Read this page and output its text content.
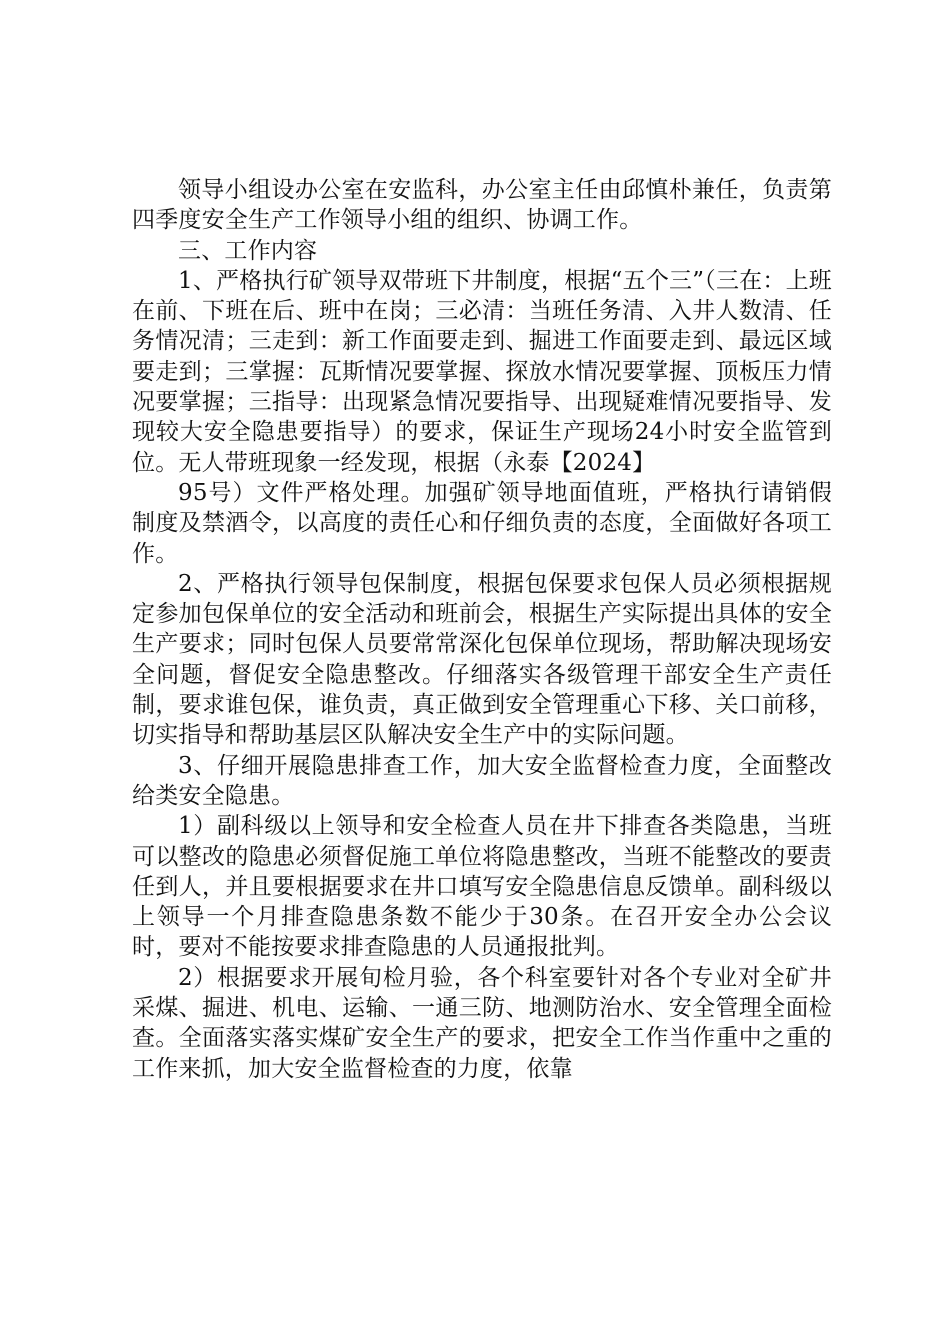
领导小组设办公室在安监科，办公室主任由邱慎朴兼任，负责第四季度安全生产工作领导小组的组织、协调工作。

三、工作内容

1、严格执行矿领导双带班下井制度，根据“五个三”（三在：上班在前、下班在后、班中在岗；三必清：当班任务清、入井人数清、任务情况清；三走到：新工作面要走到、掘进工作面要走到、最远区域要走到；三掌握：瓦斯情况要掌握、探放水情况要掌握、顶板压力情况要掌握；三指导：出现紧急情况要指导、出现疑难情况要指导、发现较大安全隐患要指导）的要求，保证生产现场24小时安全监管到位。无人带班现象一经发现，根据（永泰【2024】

95号）文件严格处理。加强矿领导地面值班，严格执行请销假制度及禁酒令，以高度的责任心和仔细负责的态度，全面做好各项工作。

2、严格执行领导包保制度，根据包保要求包保人员必须根据规定参加包保单位的安全活动和班前会，根据生产实际提出具体的安全生产要求；同时包保人员要常常深化包保单位现场，帮助解决现场安全问题，督促安全隐患整改。仔细落实各级管理干部安全生产责任制，要求谁包保，谁负责，真正做到安全管理重心下移、关口前移，切实指导和帮助基层区队解决安全生产中的实际问题。

3、仔细开展隐患排查工作，加大安全监督检查力度，全面整改给类安全隐患。

1）副科级以上领导和安全检查人员在井下排查各类隐患，当班可以整改的隐患必须督促施工单位将隐患整改，当班不能整改的要责任到人，并且要根据要求在井口填写安全隐患信息反馈单。副科级以上领导一个月排查隐患条数不能少于30条。在召开安全办公会议时，要对不能按要求排查隐患的人员通报批判。

2）根据要求开展旬检月验，各个科室要针对各个专业对全矿井采煤、掘进、机电、运输、一通三防、地测防治水、安全管理全面检查。全面落实落实煤矿安全生产的要求，把安全工作当作重中之重的工作来抓，加大安全监督检查的力度，依靠
